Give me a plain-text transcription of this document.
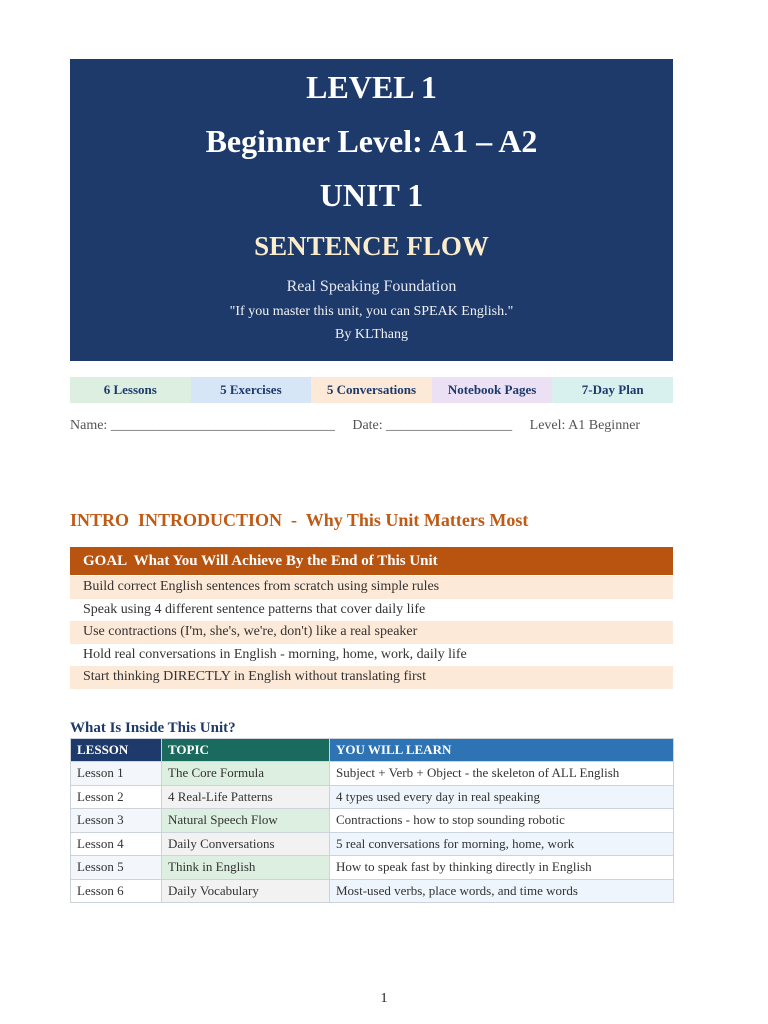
LEVEL 1
Beginner Level: A1 – A2
UNIT 1
SENTENCE FLOW
Real Speaking Foundation
"If you master this unit, you can SPEAK English."
By KLThang
6 Lessons	5 Exercises	5 Conversations	Notebook Pages	7-Day Plan
Name: ________________________________ Date: __________________ Level: A1 Beginner
INTRO  INTRODUCTION  -  Why This Unit Matters Most
GOAL  What You Will Achieve By the End of This Unit
Build correct English sentences from scratch using simple rules
Speak using 4 different sentence patterns that cover daily life
Use contractions (I'm, she's, we're, don't) like a real speaker
Hold real conversations in English - morning, home, work, daily life
Start thinking DIRECTLY in English without translating first
What Is Inside This Unit?
LESSON	TOPIC	YOU WILL LEARN
Lesson 1	The Core Formula	Subject + Verb + Object - the skeleton of ALL English
Lesson 2	4 Real-Life Patterns	4 types used every day in real speaking
Lesson 3	Natural Speech Flow	Contractions - how to stop sounding robotic
Lesson 4	Daily Conversations	5 real conversations for morning, home, work
Lesson 5	Think in English	How to speak fast by thinking directly in English
Lesson 6	Daily Vocabulary	Most-used verbs, place words, and time words
1
